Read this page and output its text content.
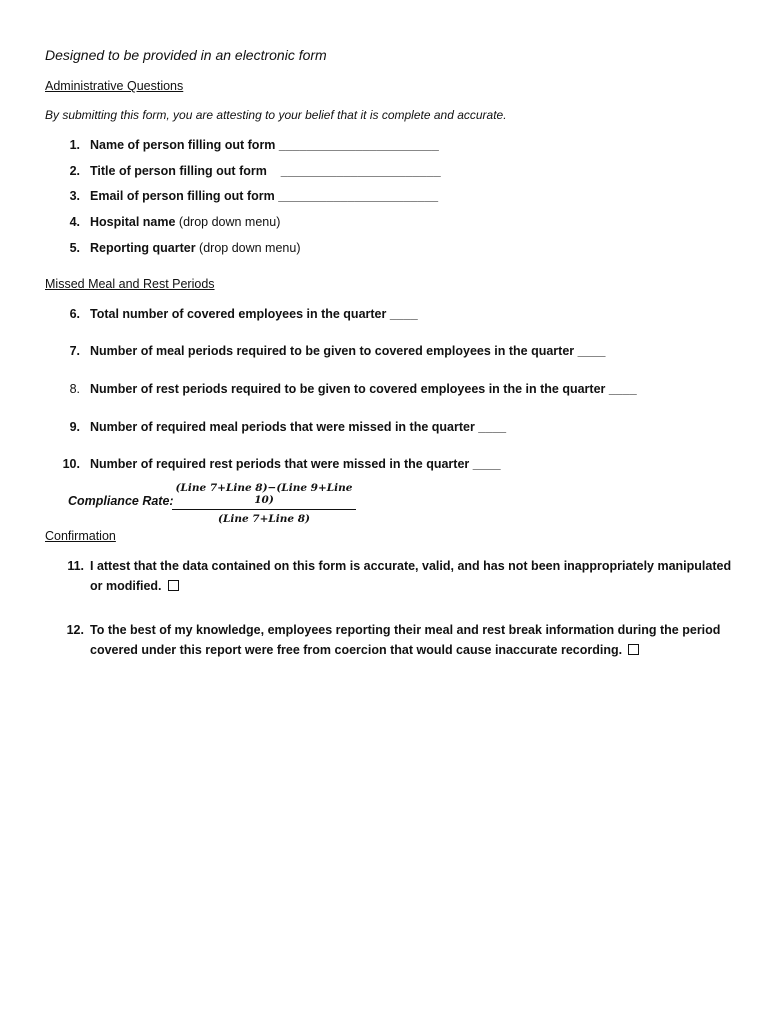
Designed to be provided in an electronic form
Administrative Questions
By submitting this form, you are attesting to your belief that it is complete and accurate.
1. Name of person filling out form _______________________
2. Title of person filling out form _______________________
3. Email of person filling out form _______________________
4. Hospital name (drop down menu)
5. Reporting quarter (drop down menu)
Missed Meal and Rest Periods
6. Total number of covered employees in the quarter ____
7. Number of meal periods required to be given to covered employees in the quarter ____
8. Number of rest periods required to be given to covered employees in the in the quarter ____
9. Number of required meal periods that were missed in the quarter ____
10. Number of required rest periods that were missed in the quarter ____
Compliance Rate:
(Line 7+Line 8)−(Line 9+Line 10)
(Line 7+Line 8)
Confirmation
11. I attest that the data contained on this form is accurate, valid, and has not been inappropriately manipulated
or modified.
12. To the best of my knowledge, employees reporting their meal and rest break information during the period
covered under this report were free from coercion that would cause inaccurate recording.
